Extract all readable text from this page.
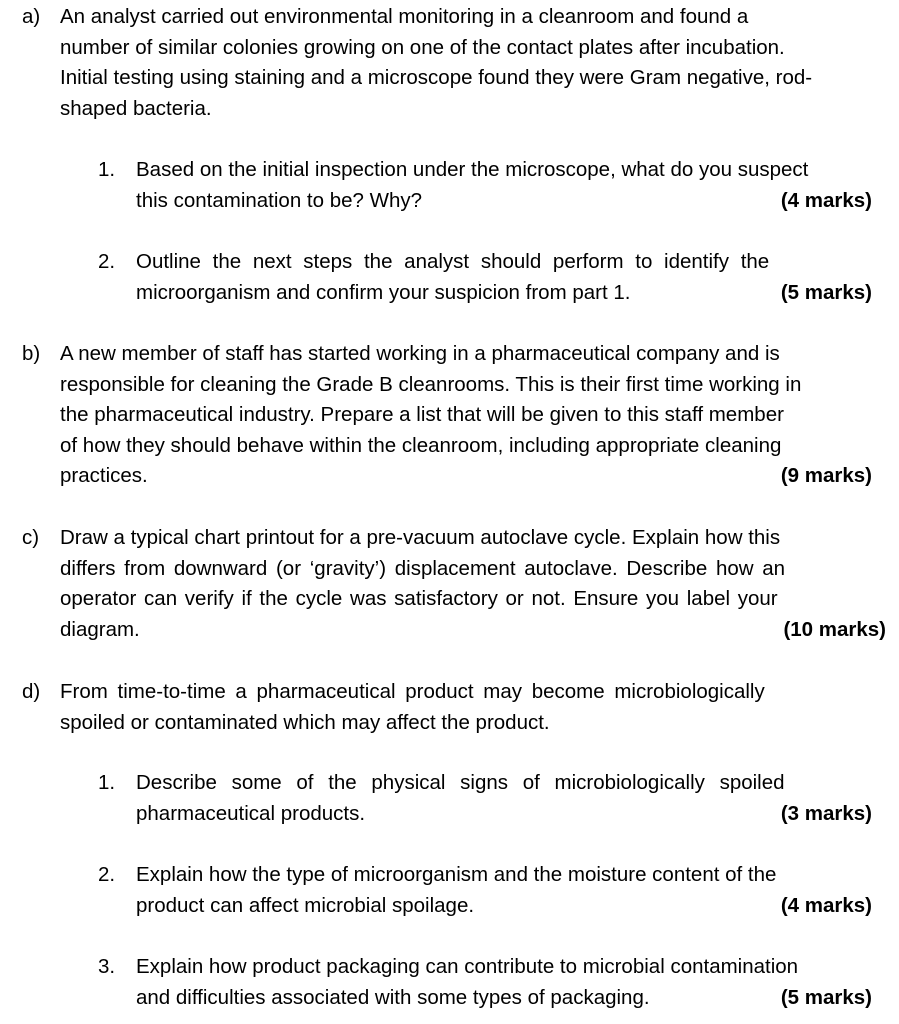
a) An analyst carried out environmental monitoring in a cleanroom and found a
number of similar colonies growing on one of the contact plates after incubation.
Initial testing using staining and a microscope found they were Gram negative, rod-
shaped bacteria.
1.	Based on the initial inspection under the microscope, what do you suspect
this contamination to be? Why?	(4 marks)
2.	Outline the next steps the analyst should perform to identify the
microorganism and confirm your suspicion from part 1.	(5 marks)
b) A new member of staff has started working in a pharmaceutical company and is
responsible for cleaning the Grade B cleanrooms. This is their first time working in
the pharmaceutical industry. Prepare a list that will be given to this staff member
of how they should behave within the cleanroom, including appropriate cleaning
practices.	(9 marks)
c)	Draw a typical chart printout for a pre-vacuum autoclave cycle. Explain how this
differs from downward (or ‘gravity’) displacement autoclave. Describe how an
operator can verify if the cycle was satisfactory or not. Ensure you label your
diagram.	(10 marks)
d) From time-to-time a pharmaceutical product may become microbiologically
spoiled or contaminated which may affect the product.
1.	Describe some of the physical signs of microbiologically spoiled
pharmaceutical products.	(3 marks)
2.	Explain how the type of microorganism and the moisture content of the
product can affect microbial spoilage.	(4 marks)
3.	Explain how product packaging can contribute to microbial contamination
and difficulties associated with some types of packaging.	(5 marks)
